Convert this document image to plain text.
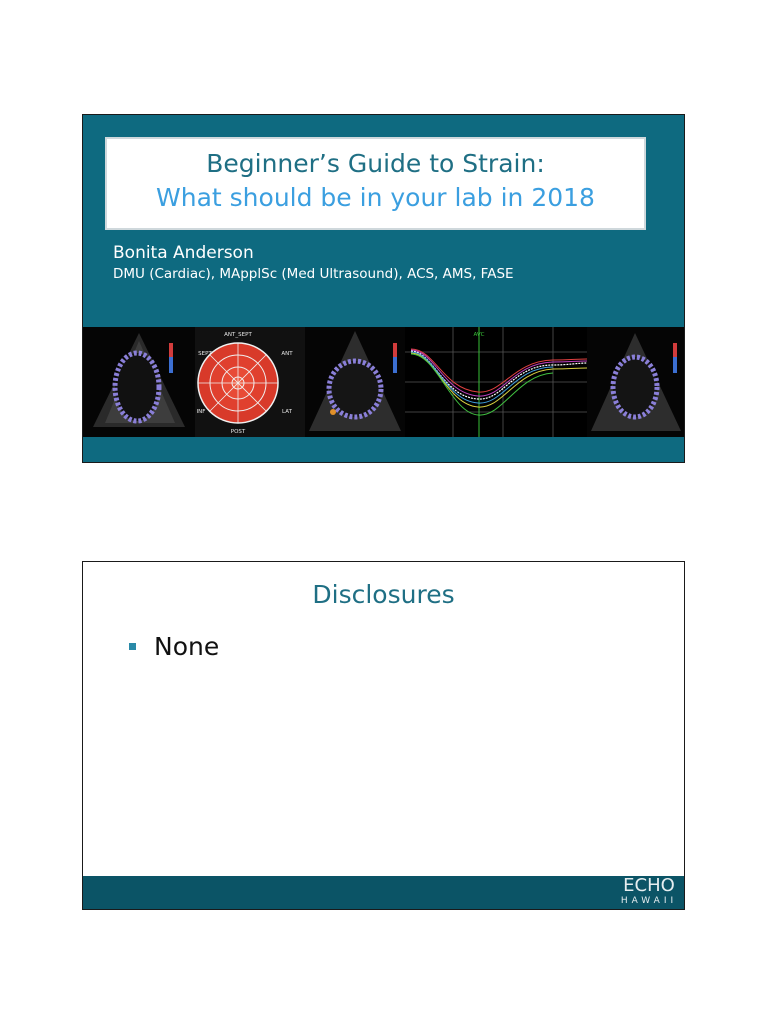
Beginner’s Guide to Strain:
What should be in your lab in 2018
Bonita Anderson
DMU (Cardiac), MApplSc (Med Ultrasound), ACS, AMS, FASE
ANT_SEPT
SEPT	ANT
INF	LAT
POST
AVC
Disclosures
None
ECHO
HAWAII
